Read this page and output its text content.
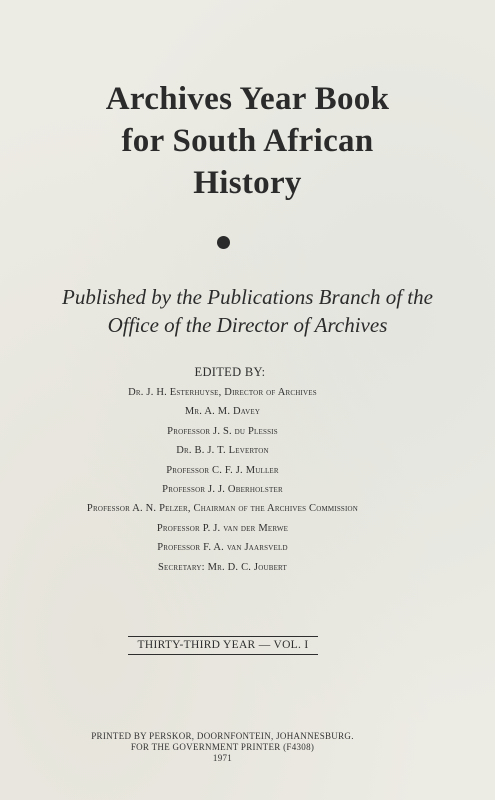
Archives Year Book
for South African
History
Published by the Publications Branch of the
Office of the Director of Archives
EDITED BY:
Dr. J. H. Esterhuyse, Director of Archives
Mr. A. M. Davey
Professor J. S. du Plessis
Dr. B. J. T. Leverton
Professor C. F. J. Muller
Professor J. J. Oberholster
Professor A. N. Pelzer, Chairman of the Archives Commission
Professor P. J. van der Merwe
Professor F. A. van Jaarsveld
Secretary: Mr. D. C. Joubert
THIRTY-THIRD YEAR — VOL. I
PRINTED BY PERSKOR, DOORNFONTEIN, JOHANNESBURG.
FOR THE GOVERNMENT PRINTER (F4308)
1971
